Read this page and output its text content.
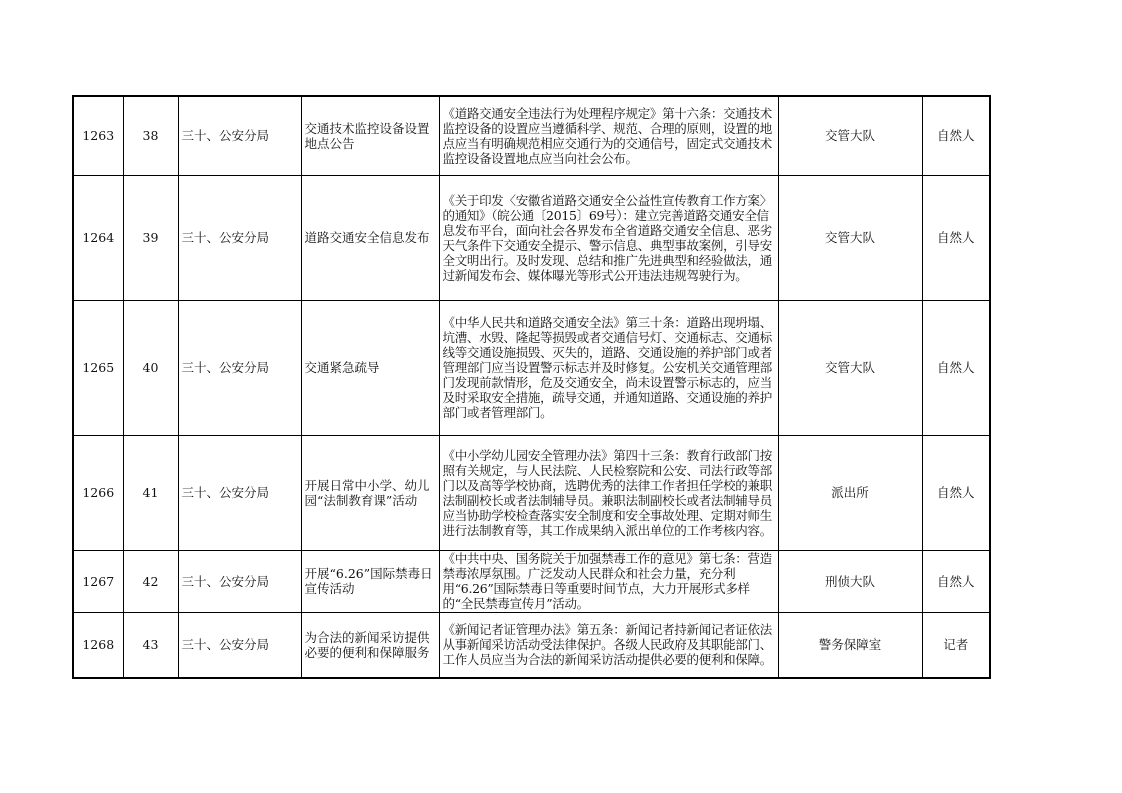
1263	38	三十、公安分局	交通技术监控设备设置地点公告	《道路交通安全违法行为处理程序规定》第十六条：交通技术监控设备的设置应当遵循科学、规范、合理的原则，设置的地点应当有明确规范相应交通行为的交通信号，固定式交通技术监控设备设置地点应当向社会公布。	交管大队	自然人
1264	39	三十、公安分局	道路交通安全信息发布	《关于印发〈安徽省道路交通安全公益性宣传教育工作方案〉的通知》（皖公通〔2015〕69号）：建立完善道路交通安全信息发布平台，面向社会各界发布全省道路交通安全信息、恶劣天气条件下交通安全提示、警示信息、典型事故案例，引导安全文明出行。及时发现、总结和推广先进典型和经验做法，通过新闻发布会、媒体曝光等形式公开违法违规驾驶行为。	交管大队	自然人
1265	40	三十、公安分局	交通紧急疏导	《中华人民共和道路交通安全法》第三十条：道路出现坍塌、坑漕、水毁、隆起等损毁或者交通信号灯、交通标志、交通标线等交通设施损毁、灭失的，道路、交通设施的养护部门或者管理部门应当设置警示标志并及时修复。公安机关交通管理部门发现前款情形，危及交通安全，尚未设置警示标志的，应当及时采取安全措施，疏导交通，并通知道路、交通设施的养护部门或者管理部门。	交管大队	自然人
1266	41	三十、公安分局	开展日常中小学、幼儿园“法制教育课”活动	《中小学幼儿园安全管理办法》第四十三条：教育行政部门按照有关规定，与人民法院、人民检察院和公安、司法行政等部门以及高等学校协商，选聘优秀的法律工作者担任学校的兼职法制副校长或者法制辅导员。兼职法制副校长或者法制辅导员应当协助学校检查落实安全制度和安全事故处理、定期对师生进行法制教育等，其工作成果纳入派出单位的工作考核内容。	派出所	自然人
1267	42	三十、公安分局	开展“6.26”国际禁毒日宣传活动	《中共中央、国务院关于加强禁毒工作的意见》第七条：营造禁毒浓厚氛围。广泛发动人民群众和社会力量，充分利用“6.26”国际禁毒日等重要时间节点，大力开展形式多样的“全民禁毒宣传月”活动。	刑侦大队	自然人
1268	43	三十、公安分局	为合法的新闻采访提供必要的便利和保障服务	《新闻记者证管理办法》第五条：新闻记者持新闻记者证依法从事新闻采访活动受法律保护。各级人民政府及其职能部门、工作人员应当为合法的新闻采访活动提供必要的便利和保障。	警务保障室	记者
